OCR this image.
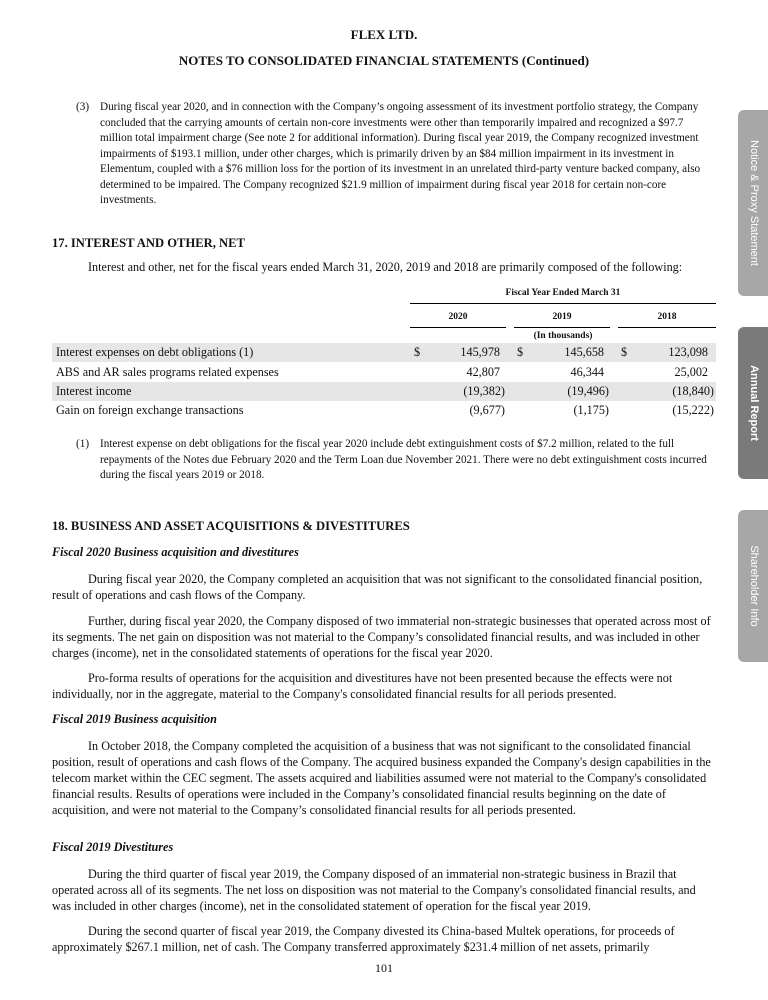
FLEX LTD.
NOTES TO CONSOLIDATED FINANCIAL STATEMENTS (Continued)
(3) During fiscal year 2020, and in connection with the Company’s ongoing assessment of its investment portfolio strategy, the Company concluded that the carrying amounts of certain non-core investments were other than temporarily impaired and recognized a $97.7 million total impairment charge (See note 2 for additional information). During fiscal year 2019, the Company recognized investment impairments of $193.1 million, under other charges, which is primarily driven by an $84 million impairment in its investment in Elementum, coupled with a $76 million loss for the portion of its investment in an unrelated third-party venture backed company, also determined to be impaired. The Company recognized $21.9 million of impairment during fiscal year 2018 for certain non-core investments.
17. INTEREST AND OTHER, NET
Interest and other, net for the fiscal years ended March 31, 2020, 2019 and 2018 are primarily composed of the following:
Fiscal Year Ended March 31
2020	2019	2018
(In thousands)
Interest expenses on debt obligations (1)	$	145,978 $	145,658 $	123,098
ABS and AR sales programs related expenses	42,807	46,344	25,002
Interest income	(19,382)	(19,496)	(18,840)
Gain on foreign exchange transactions	(9,677)	(1,175)	(15,222)
(1) Interest expense on debt obligations for the fiscal year 2020 include debt extinguishment costs of $7.2 million, related to the full repayments of the Notes due February 2020 and the Term Loan due November 2021. There were no debt extinguishment costs incurred during the fiscal years 2019 or 2018.
18. BUSINESS AND ASSET ACQUISITIONS & DIVESTITURES
Fiscal 2020 Business acquisition and divestitures
During fiscal year 2020, the Company completed an acquisition that was not significant to the consolidated financial position, result of operations and cash flows of the Company.
Further, during fiscal year 2020, the Company disposed of two immaterial non-strategic businesses that operated across most of its segments. The net gain on disposition was not material to the Company’s consolidated financial results, and was included in other charges (income), net in the consolidated statements of operations for the fiscal year 2020.
Pro-forma results of operations for the acquisition and divestitures have not been presented because the effects were not individually, nor in the aggregate, material to the Company's consolidated financial results for all periods presented.
Fiscal 2019 Business acquisition
In October 2018, the Company completed the acquisition of a business that was not significant to the consolidated financial position, result of operations and cash flows of the Company. The acquired business expanded the Company's design capabilities in the telecom market within the CEC segment. The assets acquired and liabilities assumed were not material to the Company's consolidated financial results. Results of operations were included in the Company’s consolidated financial results beginning on the date of acquisition, and were not material to the Company’s consolidated financial results for all periods presented.
Fiscal 2019 Divestitures
During the third quarter of fiscal year 2019, the Company disposed of an immaterial non-strategic business in Brazil that operated across all of its segments. The net loss on disposition was not material to the Company's consolidated financial results, and was included in other charges (income), net in the consolidated statement of operation for the fiscal year 2019.
During the second quarter of fiscal year 2019, the Company divested its China-based Multek operations, for proceeds of approximately $267.1 million, net of cash. The Company transferred approximately $231.4 million of net assets, primarily
Notice & Proxy Statement
Annual Report
Shareholder Info
101
